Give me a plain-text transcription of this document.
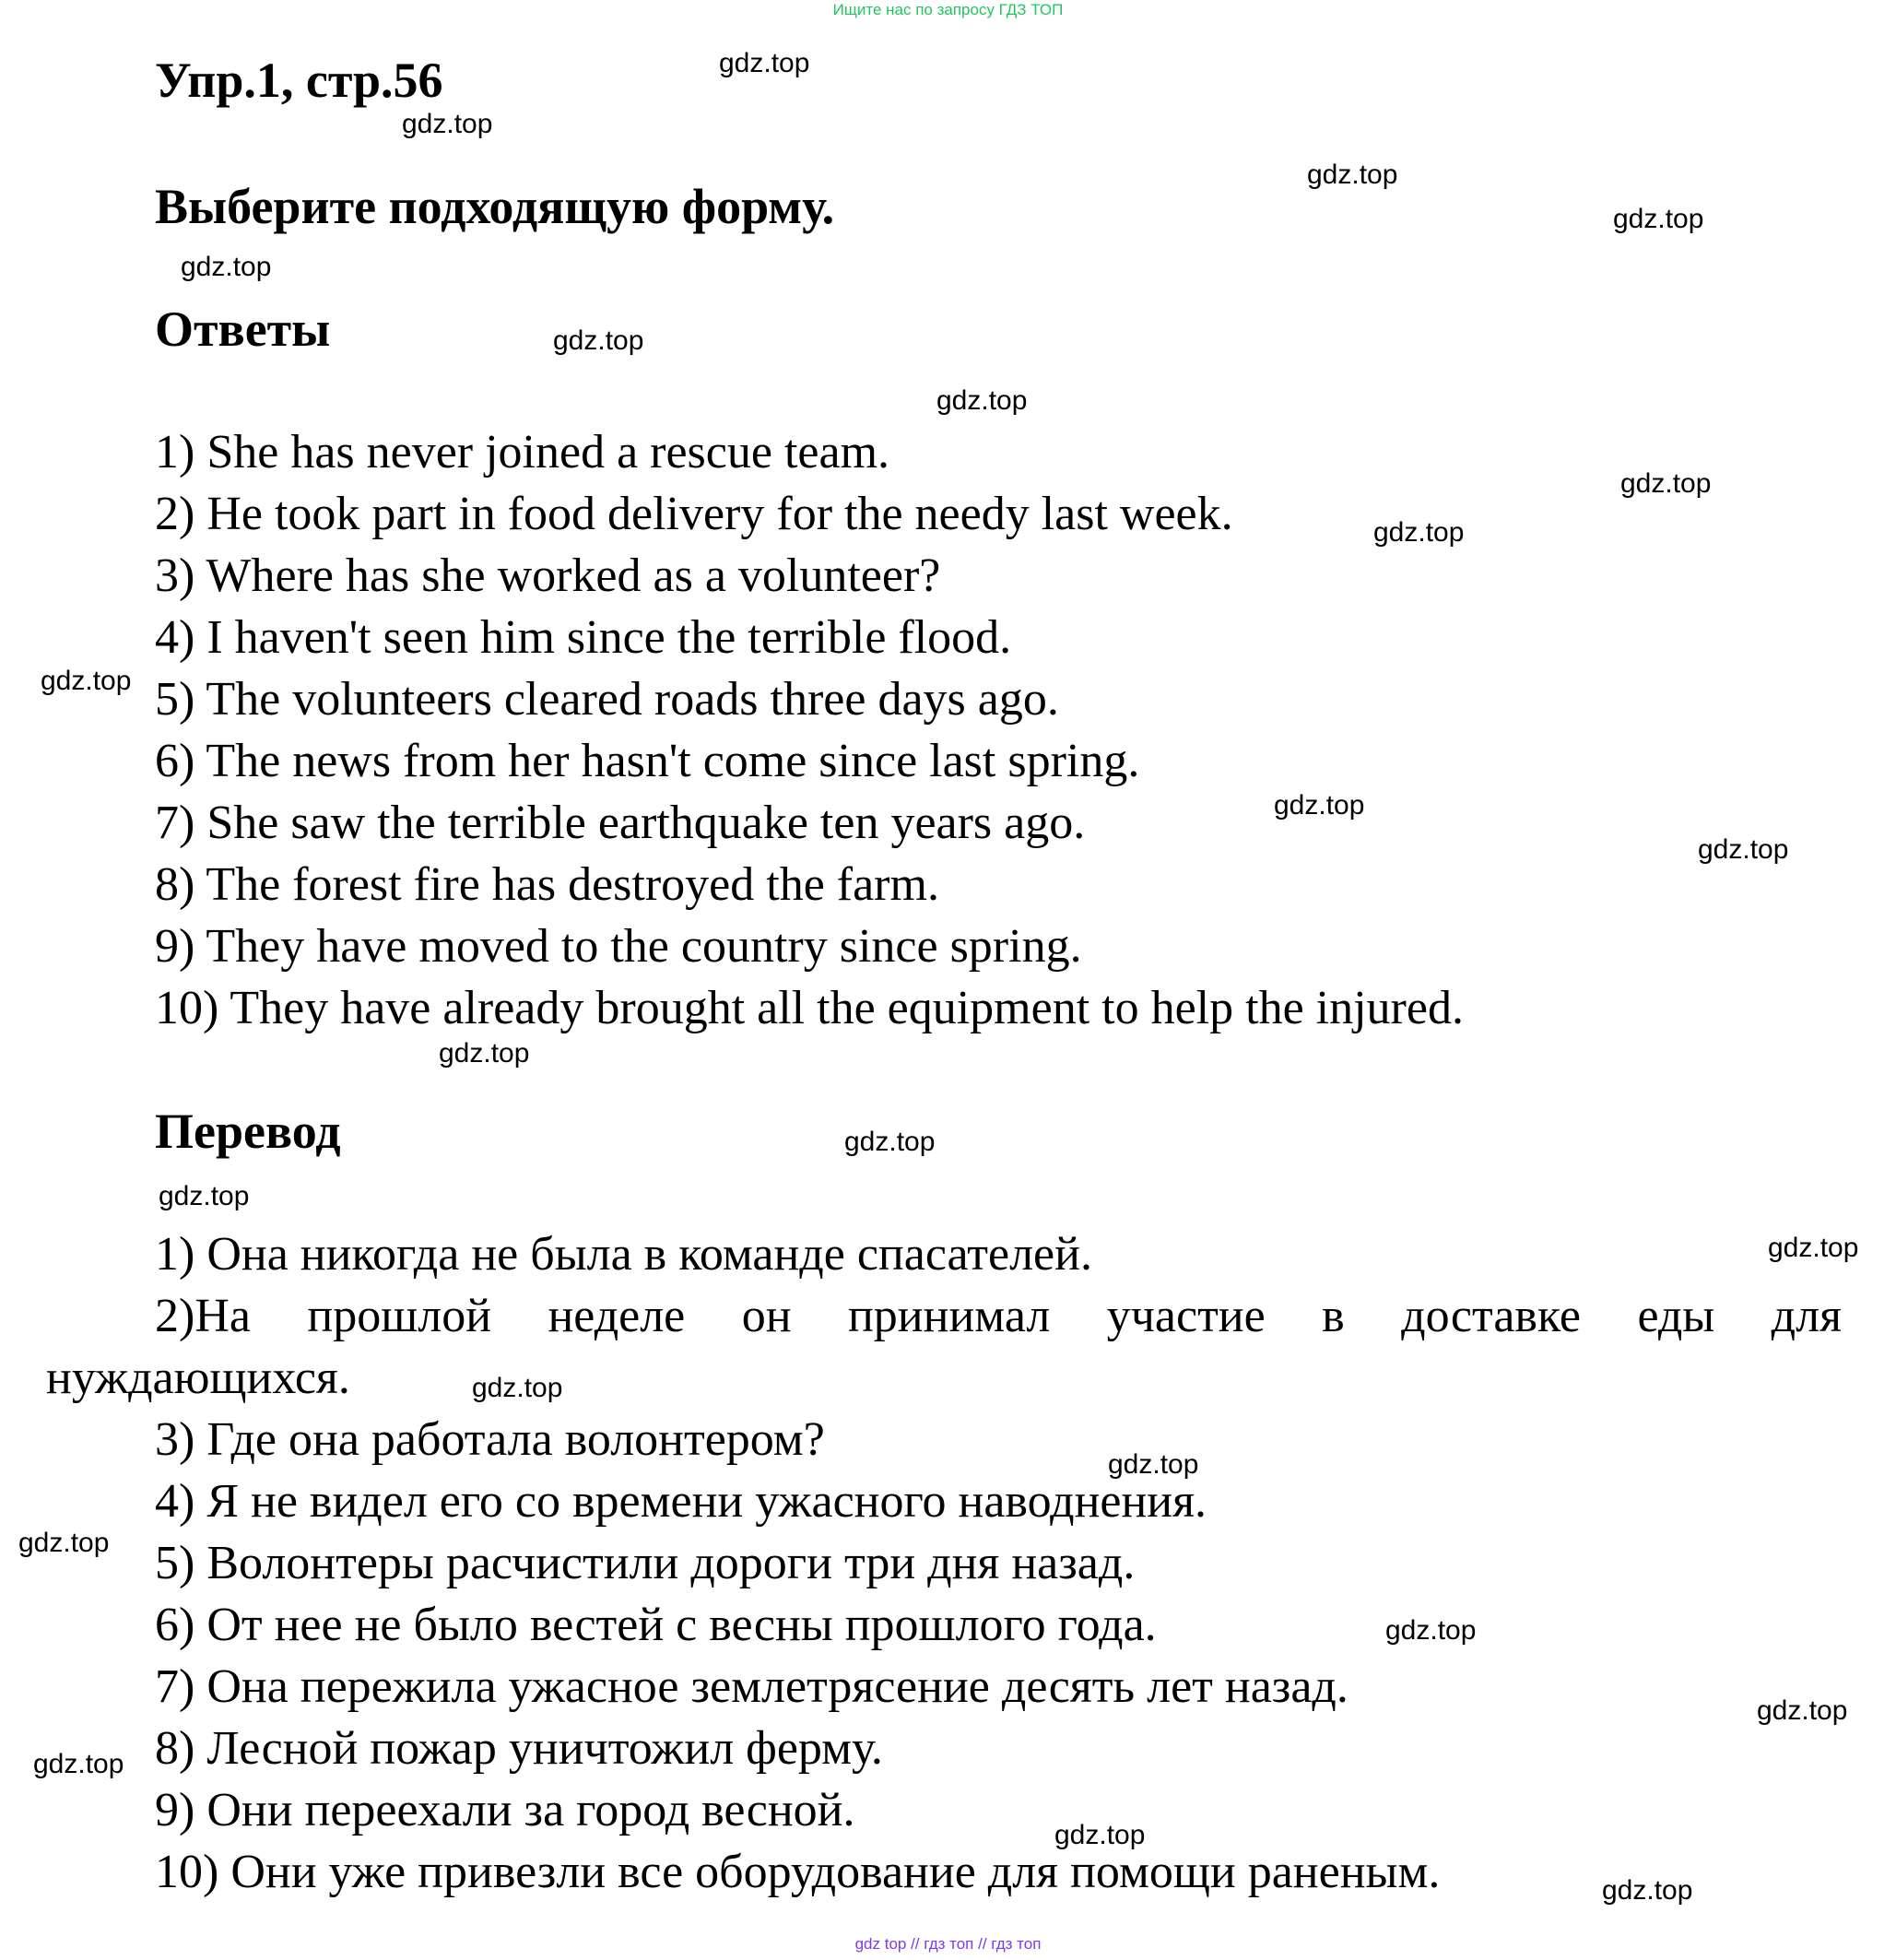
Ищите нас по запросу ГДЗ ТОП
Упр.1, стр.56
Выберите подходящую форму.
Ответы
1) She has never joined a rescue team.
2) He took part in food delivery for the needy last week.
3) Where has she worked as a volunteer?
4) I haven't seen him since the terrible flood.
5) The volunteers cleared roads three days ago.
6) The news from her hasn't come since last spring.
7) She saw the terrible earthquake ten years ago.
8) The forest fire has destroyed the farm.
9) They have moved to the country since spring.
10) They have already brought all the equipment to help the injured.
Перевод
1) Она никогда не была в команде спасателей.
2)На прошлой неделе он принимал участие в доставке еды для
нуждающихся.
3) Где она работала волонтером?
4) Я не видел его со времени ужасного наводнения.
5) Волонтеры расчистили дороги три дня назад.
6) От нее не было вестей с весны прошлого года.
7) Она пережила ужасное землетрясение десять лет назад.
8) Лесной пожар уничтожил ферму.
9) Они переехали за город весной.
10) Они уже привезли все оборудование для помощи раненым.
gdz.top
gdz.top
gdz.top
gdz.top
gdz.top
gdz.top
gdz.top
gdz.top
gdz.top
gdz.top
gdz.top
gdz.top
gdz.top
gdz.top
gdz.top
gdz.top
gdz.top
gdz.top
gdz.top
gdz.top
gdz.top
gdz.top
gdz.top
gdz.top
gdz top // гдз топ // гдз топ
